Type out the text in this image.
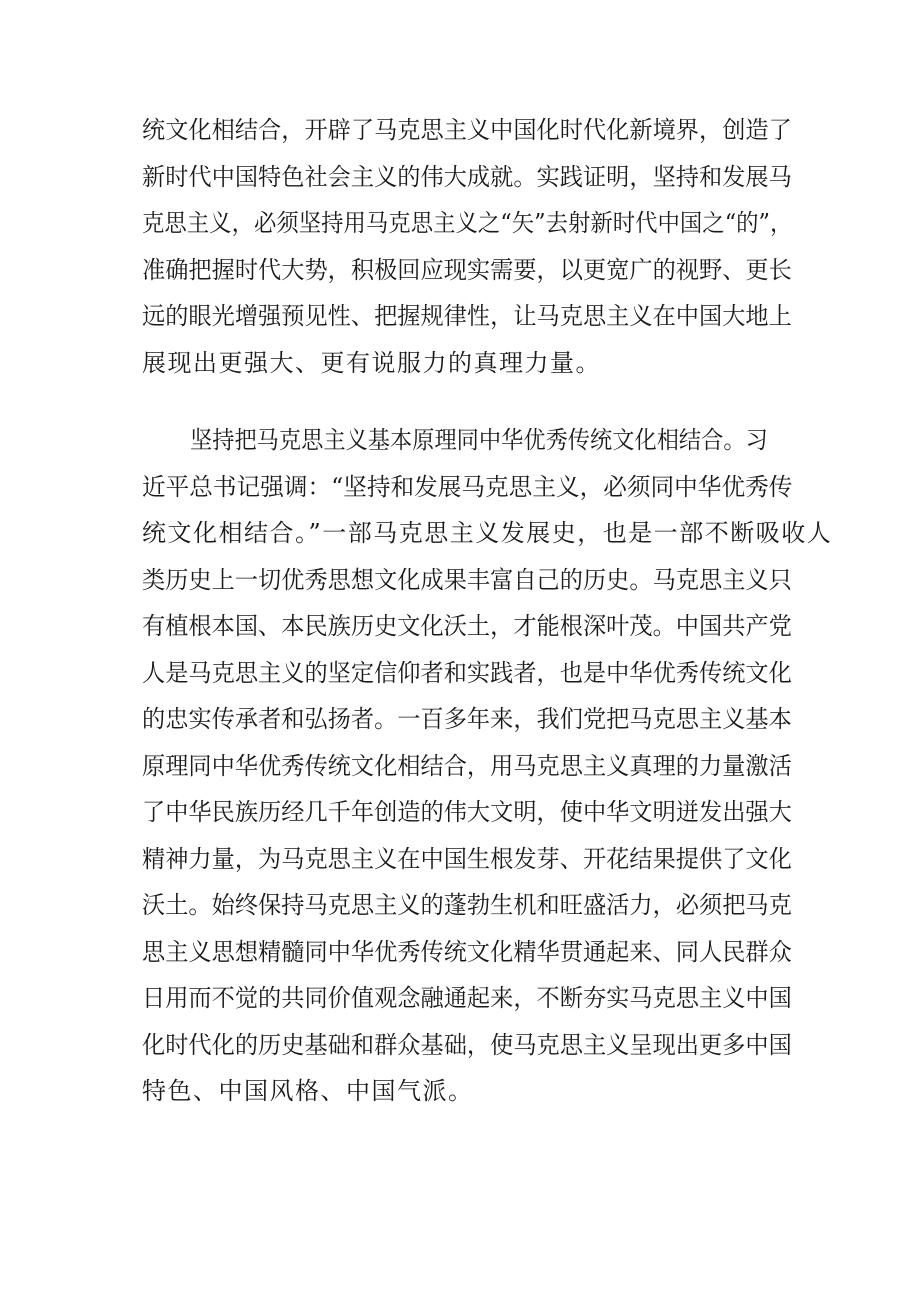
统文化相结合，开辟了马克思主义中国化时代化新境界，创造了
新时代中国特色社会主义的伟大成就。实践证明，坚持和发展马
克思主义，必须坚持用马克思主义之“矢”去射新时代中国之“的”，
准确把握时代大势，积极回应现实需要，以更宽广的视野、更长
远的眼光增强预见性、把握规律性，让马克思主义在中国大地上
展现出更强大、更有说服力的真理力量。
坚持把马克思主义基本原理同中华优秀传统文化相结合。习
近平总书记强调：“坚持和发展马克思主义，必须同中华优秀传
统文化相结合。”一部马克思主义发展史，也是一部不断吸收人
类历史上一切优秀思想文化成果丰富自己的历史。马克思主义只
有植根本国、本民族历史文化沃土，才能根深叶茂。中国共产党
人是马克思主义的坚定信仰者和实践者，也是中华优秀传统文化
的忠实传承者和弘扬者。一百多年来，我们党把马克思主义基本
原理同中华优秀传统文化相结合，用马克思主义真理的力量激活
了中华民族历经几千年创造的伟大文明，使中华文明迸发出强大
精神力量，为马克思主义在中国生根发芽、开花结果提供了文化
沃土。始终保持马克思主义的蓬勃生机和旺盛活力，必须把马克
思主义思想精髓同中华优秀传统文化精华贯通起来、同人民群众
日用而不觉的共同价值观念融通起来，不断夯实马克思主义中国
化时代化的历史基础和群众基础，使马克思主义呈现出更多中国
特色、中国风格、中国气派。
